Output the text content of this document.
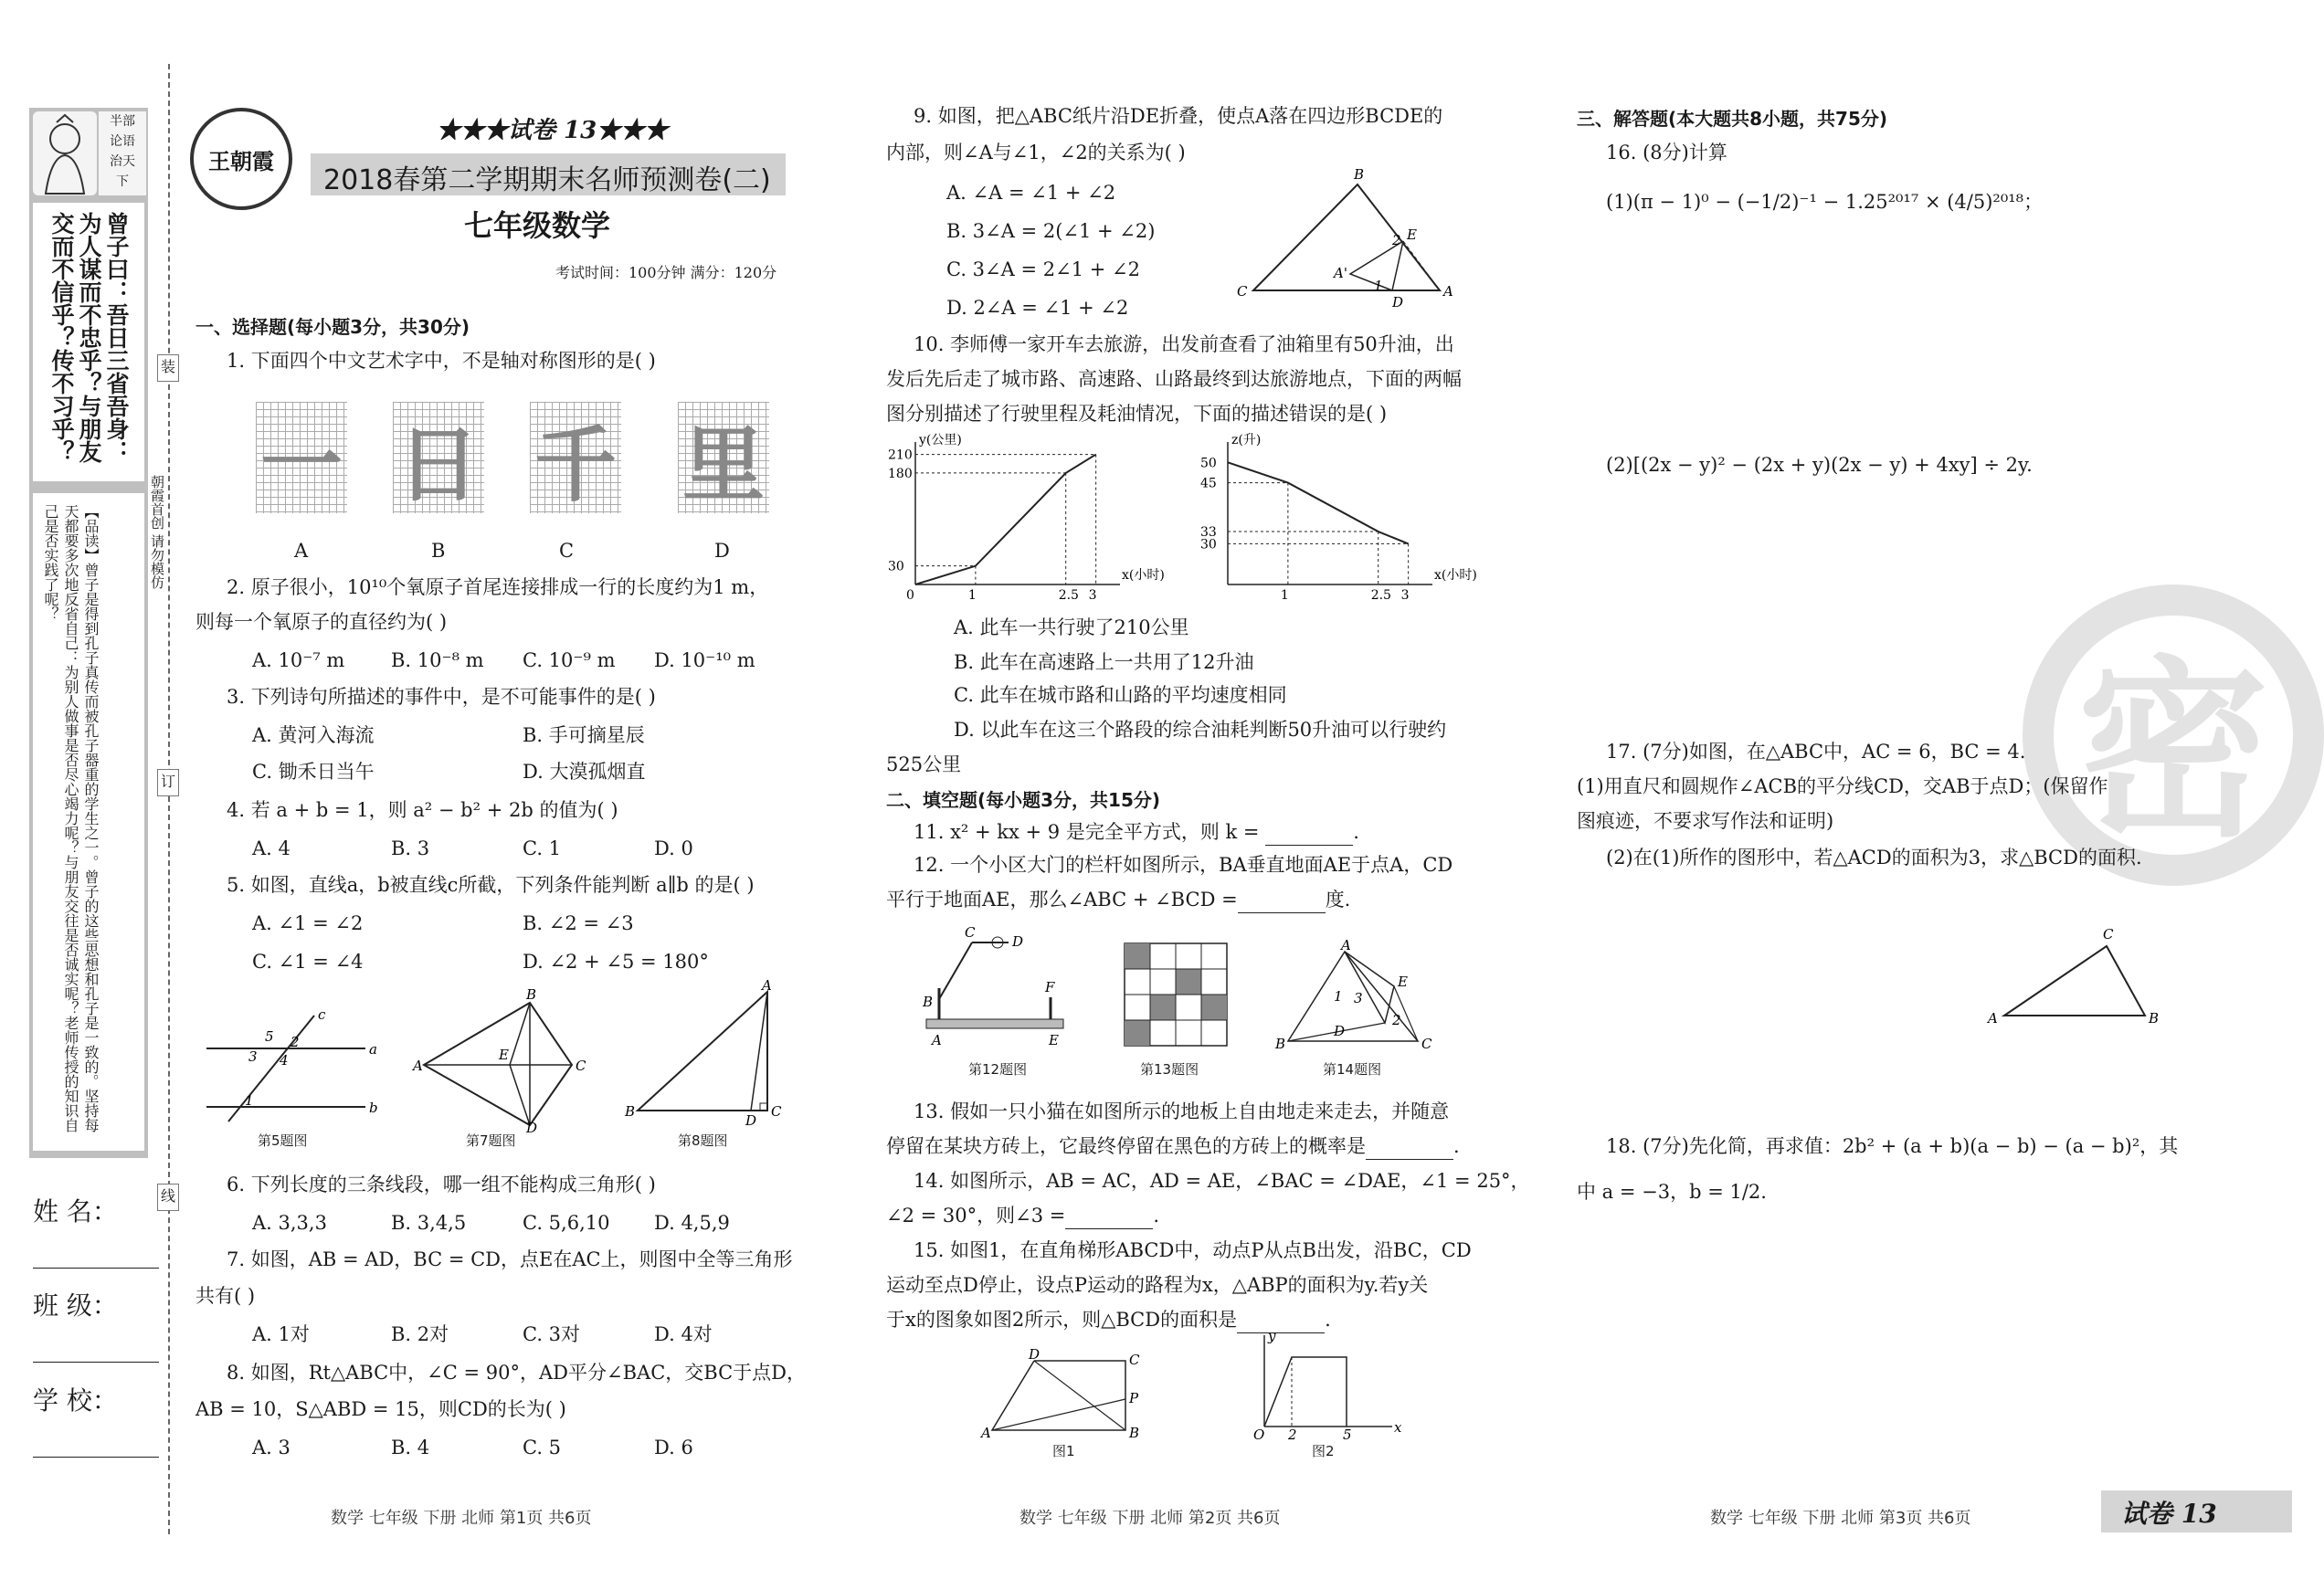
半部
论语
治天
下
曾子曰：吾日三省吾身：为人谋而不忠乎？与朋友交而不信乎？传不习乎？
【品读】曾子是得到孔子真传而被孔子器重的学生之一。曾子的这些思想和孔子是一致的。坚持每天都要多次地反省自己：为别人做事是否尽心竭力呢？与朋友交往是否诚实呢？老师传授的知识自己是否实践了呢？
装
订
线
朝霞首创 请勿模仿
姓 名：
班 级：
学 校：
王朝霞
★★★试卷 13★★★
2018春第二学期期末名师预测卷(二)
七年级数学
考试时间：100分钟 满分：120分
一、选择题(每小题3分，共30分)
1. 下面四个中文艺术字中，不是轴对称图形的是( )
一 日 千 里
A	B	C	D
2. 原子很小，10¹⁰个氧原子首尾连接排成一行的长度约为1 m，
则每一个氧原子的直径约为( )
A. 10⁻⁷ m B. 10⁻⁸ m C. 10⁻⁹ m D. 10⁻¹⁰ m
3. 下列诗句所描述的事件中，是不可能事件的是( )
A. 黄河入海流	B. 手可摘星辰
C. 锄禾日当午	D. 大漠孤烟直
4. 若 a + b = 1，则 a² − b² + 2b 的值为( )
A. 4	B. 3	C. 1	D. 0
5. 如图，直线a，b被直线c所截，下列条件能判断 a∥b 的是( )
A. ∠1 = ∠2	B. ∠2 = ∠3
C. ∠1 = ∠4	D. ∠2 + ∠5 = 180°
c
a
b
5 2
3 4
1
第5题图
A
B
C
D
E
第7题图
A
B	C
D
第8题图
6. 下列长度的三条线段，哪一组不能构成三角形( )
A. 3,3,3	B. 3,4,5	C. 5,6,10 D. 4,5,9
7. 如图，AB = AD，BC = CD，点E在AC上，则图中全等三角形
共有( )
A. 1对	B. 2对	C. 3对	D. 4对
8. 如图，Rt△ABC中，∠C = 90°，AD平分∠BAC，交BC于点D，
AB = 10，S△ABD = 15，则CD的长为( )
A. 3	B. 4	C. 5	D. 6
数学 七年级 下册 北师 第1页 共6页
9. 如图，把△ABC纸片沿DE折叠，使点A落在四边形BCDE的
内部，则∠A与∠1，∠2的关系为( )
A. ∠A = ∠1 + ∠2
B. 3∠A = 2(∠1 + ∠2)
C. 3∠A = 2∠1 + ∠2
D. 2∠A = ∠1 + ∠2
B
C	A
A'
D
E
1
2
10. 李师傅一家开车去旅游，出发前查看了油箱里有50升油，出
发后先后走了城市路、高速路、山路最终到达旅游地点，下面的两幅
图分别描述了行驶里程及耗油情况，下面的描述错误的是( )
y(公里)
x(小时)
0	1	2.5 3
30
180
210
z(升)
x(小时)
1	2.5 3
30
33
45
50
A. 此车一共行驶了210公里
B. 此车在高速路上一共用了12升油
C. 此车在城市路和山路的平均速度相同
D. 以此车在这三个路段的综合油耗判断50升油可以行驶约
525公里
二、填空题(每小题3分，共15分)
11. x² + kx + 9 是完全平方式，则 k =	.
12. 一个小区大门的栏杆如图所示，BA垂直地面AE于点A，CD
平行于地面AE，那么∠ABC + ∠BCD =	度.
C
D
B
A	E
F
第12题图	第13题图
A
B	C
D
E
1
2
3
第14题图
13. 假如一只小猫在如图所示的地板上自由地走来走去，并随意
停留在某块方砖上，它最终停留在黑色的方砖上的概率是	.
14. 如图所示，AB = AC，AD = AE，∠BAC = ∠DAE，∠1 = 25°，
∠2 = 30°，则∠3 =	.
15. 如图1，在直角梯形ABCD中，动点P从点B出发，沿BC，CD
运动至点D停止，设点P运动的路程为x，△ABP的面积为y.若y关
于x的图象如图2所示，则△BCD的面积是	.
D	C
A	B
P
图1
O 2	5	x
y
图2
数学 七年级 下册 北师 第2页 共6页
密
三、解答题(本大题共8小题，共75分)
16. (8分)计算
(1)(π − 1)⁰ − (−1/2)⁻¹ − 1.25²⁰¹⁷ × (4/5)²⁰¹⁸；
(2)[(2x − y)² − (2x + y)(2x − y) + 4xy] ÷ 2y.
17. (7分)如图，在△ABC中，AC = 6，BC = 4.
(1)用直尺和圆规作∠ACB的平分线CD，交AB于点D；(保留作
图痕迹，不要求写作法和证明)
(2)在(1)所作的图形中，若△ACD的面积为3，求△BCD的面积.
A	B
C
18. (7分)先化简，再求值：2b² + (a + b)(a − b) − (a − b)²，其
中 a = −3，b = 1/2.
数学 七年级 下册 北师 第3页 共6页	试卷 13
